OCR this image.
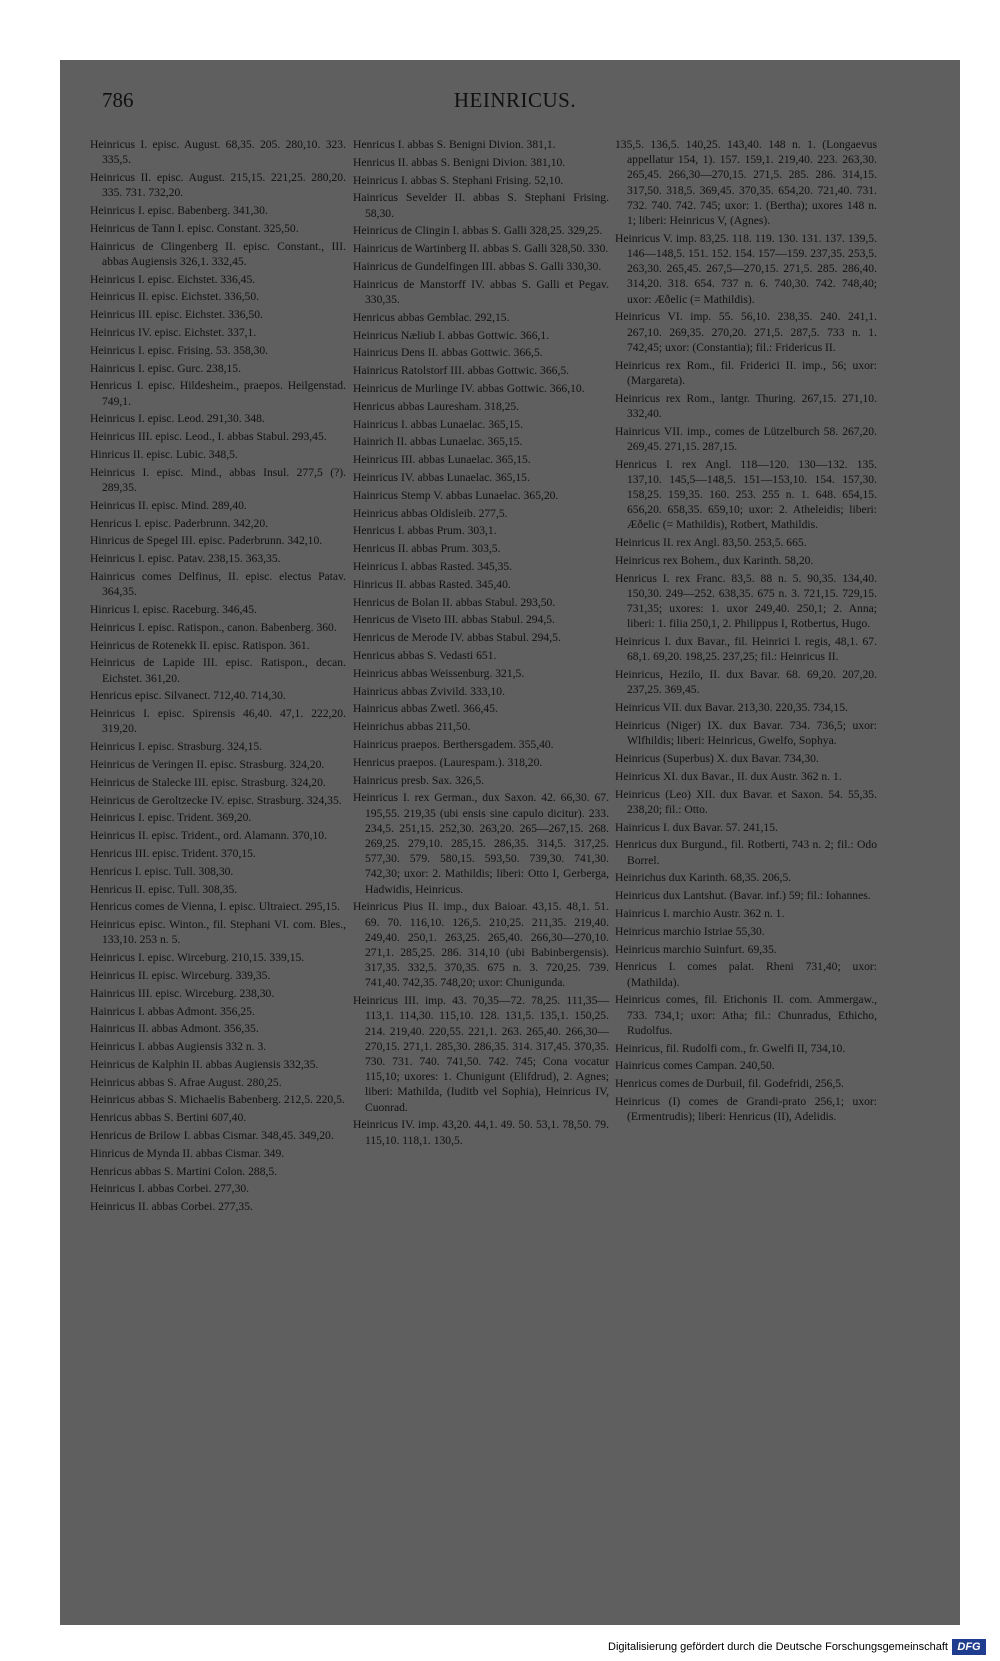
786	HEINRICUS.

Heinricus I. episc. August. 68,35. 205. 280,10. 323. 335,5.

Heinricus II. episc. August. 215,15. 221,25. 280,20. 335. 731. 732,20.

Heinricus I. episc. Babenberg. 341,30.

Heinricus de Tann I. episc. Constant. 325,50.

Hainricus de Clingenberg II. episc. Constant., III. abbas Augiensis 326,1. 332,45.

Heinricus I. episc. Eichstet. 336,45.

Heinricus II. episc. Eichstet. 336,50.

Heinricus III. episc. Eichstet. 336,50.

Heinricus IV. episc. Eichstet. 337,1.

Heinricus I. episc. Frising. 53. 358,30.

Hainricus I. episc. Gurc. 238,15.

Henricus I. episc. Hildesheim., praepos. Heilgenstad. 749,1.

Heinricus I. episc. Leod. 291,30. 348.

Heinricus III. episc. Leod., I. abbas Stabul. 293,45.

Hinricus II. episc. Lubic. 348,5.

Heinricus I. episc. Mind., abbas Insul. 277,5 (?). 289,35.

Heinricus II. episc. Mind. 289,40.

Henricus I. episc. Paderbrunn. 342,20.

Hinricus de Spegel III. episc. Paderbrunn. 342,10.

Heinricus I. episc. Patav. 238,15. 363,35.

Hainricus comes Delfinus, II. episc. electus Patav. 364,35.

Hinricus I. episc. Raceburg. 346,45.

Heinricus I. episc. Ratispon., canon. Babenberg. 360.

Heinricus de Rotenekk II. episc. Ratispon. 361.

Heinricus de Lapide III. episc. Ratispon., decan. Eichstet. 361,20.

Henricus episc. Silvanect. 712,40. 714,30.

Heinricus I. episc. Spirensis 46,40. 47,1. 222,20. 319,20.

Heinricus I. episc. Strasburg. 324,15.

Heinricus de Veringen II. episc. Strasburg. 324,20.

Heinricus de Stalecke III. episc. Strasburg. 324,20.

Heinricus de Geroltzecke IV. episc. Strasburg. 324,35.

Heinricus I. episc. Trident. 369,20.

Heinricus II. episc. Trident., ord. Alamann. 370,10.

Henricus III. episc. Trident. 370,15.

Henricus I. episc. Tull. 308,30.

Henricus II. episc. Tull. 308,35.

Henricus comes de Vienna, I. episc. Ultraiect. 295,15.

Heinricus episc. Winton., fil. Stephani VI. com. Bles., 133,10. 253 n. 5.

Heinricus I. episc. Wirceburg. 210,15. 339,15.

Heinricus II. episc. Wirceburg. 339,35.

Hainricus III. episc. Wirceburg. 238,30.

Hainricus I. abbas Admont. 356,25.

Hainricus II. abbas Admont. 356,35.

Heinricus I. abbas Augiensis 332 n. 3.

Heinricus de Kalphin II. abbas Augiensis 332,35.

Heinricus abbas S. Afrae August. 280,25.

Heinricus abbas S. Michaelis Babenberg. 212,5. 220,5.

Henricus abbas S. Bertini 607,40.

Henricus de Brilow I. abbas Cismar. 348,45. 349,20.

Hinricus de Mynda II. abbas Cismar. 349.

Henricus abbas S. Martini Colon. 288,5.

Heinricus I. abbas Corbei. 277,30.

Heinricus II. abbas Corbei. 277,35.

Henricus I. abbas S. Benigni Divion. 381,1.

Henricus II. abbas S. Benigni Divion. 381,10.

Heinricus I. abbas S. Stephani Frising. 52,10.

Hainricus Sevelder II. abbas S. Stephani Frising. 58,30.

Heinricus de Clingin I. abbas S. Galli 328,25. 329,25.

Hainricus de Wartinberg II. abbas S. Galli 328,50. 330.

Hainricus de Gundelfingen III. abbas S. Galli 330,30.

Hainricus de Manstorff IV. abbas S. Galli et Pegav. 330,35.

Henricus abbas Gemblac. 292,15.

Heinricus Næliub I. abbas Gottwic. 366,1.

Hainricus Dens II. abbas Gottwic. 366,5.

Hainricus Ratolstorf III. abbas Gottwic. 366,5.

Heinricus de Murlinge IV. abbas Gottwic. 366,10.

Henricus abbas Lauresham. 318,25.

Hainricus I. abbas Lunaelac. 365,15.

Hainrich II. abbas Lunaelac. 365,15.

Heinricus III. abbas Lunaelac. 365,15.

Heinricus IV. abbas Lunaelac. 365,15.

Hainricus Stemp V. abbas Lunaelac. 365,20.

Heinricus abbas Oldisleib. 277,5.

Henricus I. abbas Prum. 303,1.

Henricus II. abbas Prum. 303,5.

Heinricus I. abbas Rasted. 345,35.

Hinricus II. abbas Rasted. 345,40.

Henricus de Bolan II. abbas Stabul. 293,50.

Henricus de Viseto III. abbas Stabul. 294,5.

Henricus de Merode IV. abbas Stabul. 294,5.

Henricus abbas S. Vedasti 651.

Heinricus abbas Weissenburg. 321,5.

Hainricus abbas Zvivild. 333,10.

Hainricus abbas Zwetl. 366,45.

Heinrichus abbas 211,50.

Hainricus praepos. Berthersgadem. 355,40.

Henricus praepos. (Laurespam.). 318,20.

Hainricus presb. Sax. 326,5.

Heinricus I. rex German., dux Saxon. 42. 66,30. 67. 195,55. 219,35 (ubi ensis sine capulo dicitur). 233. 234,5. 251,15. 252,30. 263,20. 265—267,15. 268. 269,25. 279,10. 285,15. 286,35. 314,5. 317,25. 577,30. 579. 580,15. 593,50. 739,30. 741,30. 742,30; uxor: 2. Mathildis; liberi: Otto I, Gerberga, Hadwidis, Heinricus.

Heinricus Pius II. imp., dux Baioar. 43,15. 48,1. 51. 69. 70. 116,10. 126,5. 210,25. 211,35. 219,40. 249,40. 250,1. 263,25. 265,40. 266,30—270,10. 271,1. 285,25. 286. 314,10 (ubi Babinbergensis). 317,35. 332,5. 370,35. 675 n. 3. 720,25. 739. 741,40. 742,35. 748,20; uxor: Chunigunda.

Heinricus III. imp. 43. 70,35—72. 78,25. 111,35—113,1. 114,30. 115,10. 128. 131,5. 135,1. 150,25. 214. 219,40. 220,55. 221,1. 263. 265,40. 266,30—270,15. 271,1. 285,30. 286,35. 314. 317,45. 370,35. 730. 731. 740. 741,50. 742. 745; Cona vocatur 115,10; uxores: 1. Chunigunt (Elifdrud), 2. Agnes; liberi: Mathilda, (Iuditb vel Sophia), Heinricus IV, Cuonrad.

Heinricus IV. imp. 43,20. 44,1. 49. 50. 53,1. 78,50. 79. 115,10. 118,1. 130,5.

135,5. 136,5. 140,25. 143,40. 148 n. 1. (Longaevus appellatur 154, 1). 157. 159,1. 219,40. 223. 263,30. 265,45. 266,30—270,15. 271,5. 285. 286. 314,15. 317,50. 318,5. 369,45. 370,35. 654,20. 721,40. 731. 732. 740. 742. 745; uxor: 1. (Bertha); uxores 148 n. 1; liberi: Heinricus V, (Agnes).

Heinricus V. imp. 83,25. 118. 119. 130. 131. 137. 139,5. 146—148,5. 151. 152. 154. 157—159. 237,35. 253,5. 263,30. 265,45. 267,5—270,15. 271,5. 285. 286,40. 314,20. 318. 654. 737 n. 6. 740,30. 742. 748,40; uxor: Æðelic (= Mathildis).

Heinricus VI. imp. 55. 56,10. 238,35. 240. 241,1. 267,10. 269,35. 270,20. 271,5. 287,5. 733 n. 1. 742,45; uxor: (Constantia); fil.: Fridericus II.

Heinricus rex Rom., fil. Friderici II. imp., 56; uxor: (Margareta).

Heinricus rex Rom., lantgr. Thuring. 267,15. 271,10. 332,40.

Hainricus VII. imp., comes de Lützelburch 58. 267,20. 269,45. 271,15. 287,15.

Henricus I. rex Angl. 118—120. 130—132. 135. 137,10. 145,5—148,5. 151—153,10. 154. 157,30. 158,25. 159,35. 160. 253. 255 n. 1. 648. 654,15. 656,20. 658,35. 659,10; uxor: 2. Atheleidis; liberi: Æðelic (= Mathildis), Rotbert, Mathildis.

Heinricus II. rex Angl. 83,50. 253,5. 665.

Heinricus rex Bohem., dux Karinth. 58,20.

Henricus I. rex Franc. 83,5. 88 n. 5. 90,35. 134,40. 150,30. 249—252. 638,35. 675 n. 3. 721,15. 729,15. 731,35; uxores: 1. uxor 249,40. 250,1; 2. Anna; liberi: 1. filia 250,1, 2. Philippus I, Rotbertus, Hugo.

Heinricus I. dux Bavar., fil. Heinrici I. regis, 48,1. 67. 68,1. 69,20. 198,25. 237,25; fil.: Heinricus II.

Heinricus, Hezilo, II. dux Bavar. 68. 69,20. 207,20. 237,25. 369,45.

Heinricus VII. dux Bavar. 213,30. 220,35. 734,15.

Heinricus (Niger) IX. dux Bavar. 734. 736,5; uxor: Wlfhildis; liberi: Heinricus, Gwelfo, Sophya.

Heinricus (Superbus) X. dux Bavar. 734,30.

Heinricus XI. dux Bavar., II. dux Austr. 362 n. 1.

Heinricus (Leo) XII. dux Bavar. et Saxon. 54. 55,35. 238,20; fil.: Otto.

Hainricus I. dux Bavar. 57. 241,15.

Henricus dux Burgund., fil. Rotberti, 743 n. 2; fil.: Odo Borrel.

Heinrichus dux Karinth. 68,35. 206,5.

Heinricus dux Lantshut. (Bavar. inf.) 59; fil.: Iohannes.

Hainricus I. marchio Austr. 362 n. 1.

Heinricus marchio Istriae 55,30.

Heinricus marchio Suinfurt. 69,35.

Henricus I. comes palat. Rheni 731,40; uxor: (Mathilda).

Heinricus comes, fil. Etichonis II. com. Ammergaw., 733. 734,1; uxor: Atha; fil.: Chunradus, Ethicho, Rudolfus.

Heinricus, fil. Rudolfi com., fr. Gwelfi II, 734,10.

Hainricus comes Campan. 240,50.

Henricus comes de Durbuil, fil. Godefridi, 256,5.

Heinricus (I) comes de Grandi-prato 256,1; uxor: (Ermentrudis); liberi: Henricus (II), Adelidis.

Digitalisierung gefördert durch die Deutsche Forschungsgemeinschaft DFG
